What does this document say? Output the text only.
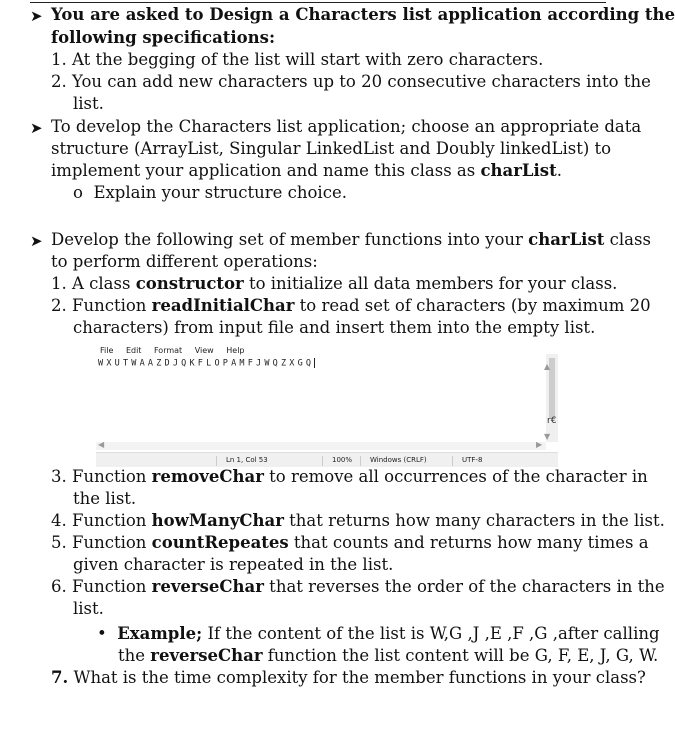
➤ You are asked to Design a Characters list application according the
following specifications:
1. At the begging of the list will start with zero characters.
2. You can add new characters up to 20 consecutive characters into the
list.
➤ To develop the Characters list application; choose an appropriate data
structure (ArrayList, Singular LinkedList and Doubly linkedList) to
implement your application and name this class as charList.
o Explain your structure choice.
➤ Develop the following set of member functions into your charList class
to perform different operations:
1. A class constructor to initialize all data members for your class.
2. Function readInitialChar to read set of characters (by maximum 20
characters) from input file and insert them into the empty list.
3. Function removeChar to remove all occurrences of the character in
the list.
4. Function howManyChar that returns how many characters in the list.
5. Function countRepeates that counts and returns how many times a
given character is repeated in the list.
6. Function reverseChar that reverses the order of the characters in the
list.
• Example; If the content of the list is W,G ,J ,E ,F ,G ,after calling
the reverseChar function the list content will be G, F, E, J, G, W.
7. What is the time complexity for the member functions in your class?
File Edit Format View Help
WXUTWAAZDJQKFLOPAMFJWQZXGQ	▲
▼
◀	▶
Ln 1, Col 53	100%	Windows (CRLF)	UTF-8
r€
